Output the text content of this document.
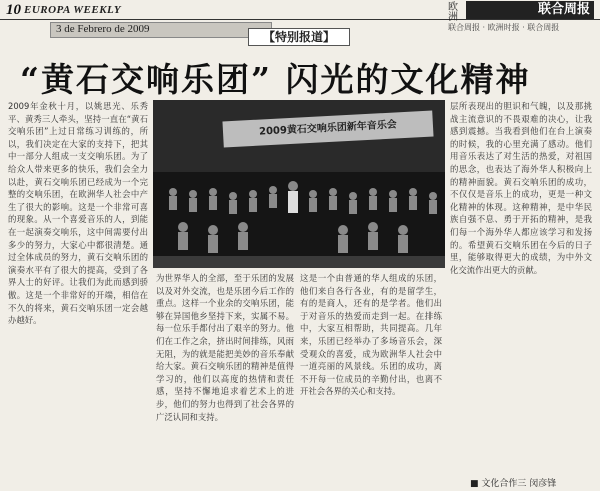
10 EUROPA WEEKLY
3 de Febrero de 2009
欧洲
联合周报
联合周报 · 欧洲时报 · 联合周报
【特别报道】
“黄石交响乐团” 闪光的文化精神

2009年金秋十月，以姚思光、乐秀平、黄秀三人牵头，坚持一直在“黄石交响乐团”上过日常练习训练的，所以，我们决定在大家的支持下，把其中一部分人组成一支交响乐团。为了给众人带来更多的快乐，我们会全力以赴，黄石交响乐团已经成为一个完整的交响乐团，在欧洲华人社会中产生了很大的影响。这是一个非常可喜的现象。从一个喜爱音乐的人，到能在一起演奏交响乐，这中间需要付出多少的努力，大家心中都很清楚。通过全体成员的努力，黄石交响乐团的演奏水平有了很大的提高，受到了各界人士的好评。让我们为此而感到骄傲。这是一个非常好的开端，相信在不久的将来，黄石交响乐团一定会越办越好。

2009黄石交响乐团新年音乐会

为世界华人的全部，至于乐团的发展以及对外交流，也是乐团今后工作的重点。这样一个业余的交响乐团，能够在异国他乡坚持下来，实属不易。每一位乐手都付出了艰辛的努力。他们在工作之余，挤出时间排练，风雨无阻，为的就是能把美妙的音乐奉献给大家。黄石交响乐团的精神是值得学习的，他们以高度的热情和责任感，坚持不懈地追求着艺术上的进步，他们的努力也得到了社会各界的广泛认同和支持。

这是一个由普通的华人组成的乐团，他们来自各行各业，有的是留学生，有的是商人，还有的是学者。他们出于对音乐的热爱而走到一起。在排练中，大家互相帮助，共同提高。几年来，乐团已经举办了多场音乐会，深受观众的喜爱，成为欧洲华人社会中一道亮丽的风景线。乐团的成功，离不开每一位成员的辛勤付出，也离不开社会各界的关心和支持。

层所表现出的胆识和气魄，以及那挑战主流意识的不畏艰难的决心，让我感到震撼。当我看到他们在台上演奏的时候，我的心里充满了感动。他们用音乐表达了对生活的热爱，对祖国的思念，也表达了海外华人积极向上的精神面貌。黄石交响乐团的成功，不仅仅是音乐上的成功，更是一种文化精神的体现。这种精神，是中华民族自强不息、勇于开拓的精神，是我们每一个海外华人都应该学习和发扬的。希望黄石交响乐团在今后的日子里，能够取得更大的成绩，为中外文化交流作出更大的贡献。

■ 文化合作三 闵彦锋
